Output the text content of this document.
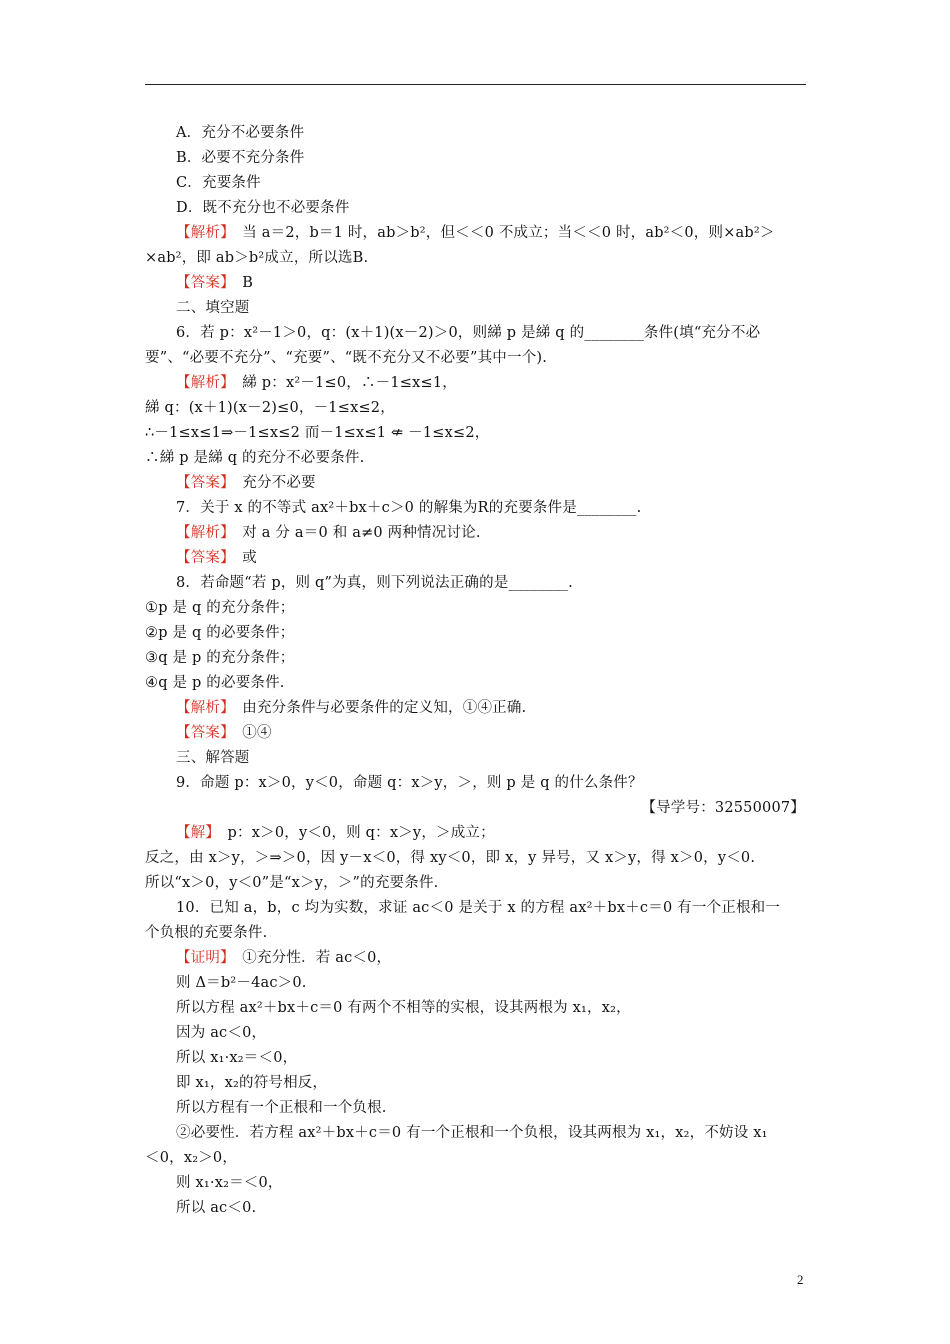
A．充分不必要条件
B．必要不充分条件
C．充要条件
D．既不充分也不必要条件
【解析】　当 a＝2，b＝1 时，ab＞b²，但＜＜0 不成立；当＜＜0 时，ab²＜0，则×ab²＞
×ab²，即 ab＞b²成立，所以选B.
【答案】　B
二、填空题
6．若 p：x²－1＞0，q：(x＋1)(x－2)＞0，则綈 p 是綈 q 的________条件(填“充分不必
要”、“必要不充分”、“充要”、“既不充分又不必要”其中一个).
【解析】　綈 p：x²－1≤0，∴－1≤x≤1，
綈 q：(x＋1)(x－2)≤0，－1≤x≤2，
∴－1≤x≤1⇒－1≤x≤2 而－1≤x≤1 ⇍ －1≤x≤2，
∴綈 p 是綈 q 的充分不必要条件.
【答案】　充分不必要
7．关于 x 的不等式 ax²＋bx＋c＞0 的解集为R的充要条件是________.
【解析】　对 a 分 a＝0 和 a≠0 两种情况讨论.
【答案】　或
8．若命题“若 p，则 q”为真，则下列说法正确的是________.
①p 是 q 的充分条件；
②p 是 q 的必要条件；
③q 是 p 的充分条件；
④q 是 p 的必要条件.
【解析】　由充分条件与必要条件的定义知，①④正确.
【答案】　①④
三、解答题
9．命题 p：x＞0，y＜0，命题 q：x＞y，＞，则 p 是 q 的什么条件？
【导学号：32550007】
【解】　p：x＞0，y＜0，则 q：x＞y，＞成立；
反之，由 x＞y，＞⇒＞0，因 y－x＜0，得 xy＜0，即 x，y 异号，又 x＞y，得 x＞0，y＜0.
所以“x＞0，y＜0”是“x＞y，＞”的充要条件.
10．已知 a，b，c 均为实数，求证 ac＜0 是关于 x 的方程 ax²＋bx＋c＝0 有一个正根和一
个负根的充要条件.
【证明】　①充分性．若 ac＜0，
则 Δ＝b²－4ac＞0.
所以方程 ax²＋bx＋c＝0 有两个不相等的实根，设其两根为 x₁，x₂，
因为 ac＜0，
所以 x₁·x₂＝＜0，
即 x₁，x₂的符号相反，
所以方程有一个正根和一个负根.
②必要性．若方程 ax²＋bx＋c＝0 有一个正根和一个负根，设其两根为 x₁，x₂，不妨设 x₁
＜0，x₂＞0，
则 x₁·x₂＝＜0，
所以 ac＜0.
2
